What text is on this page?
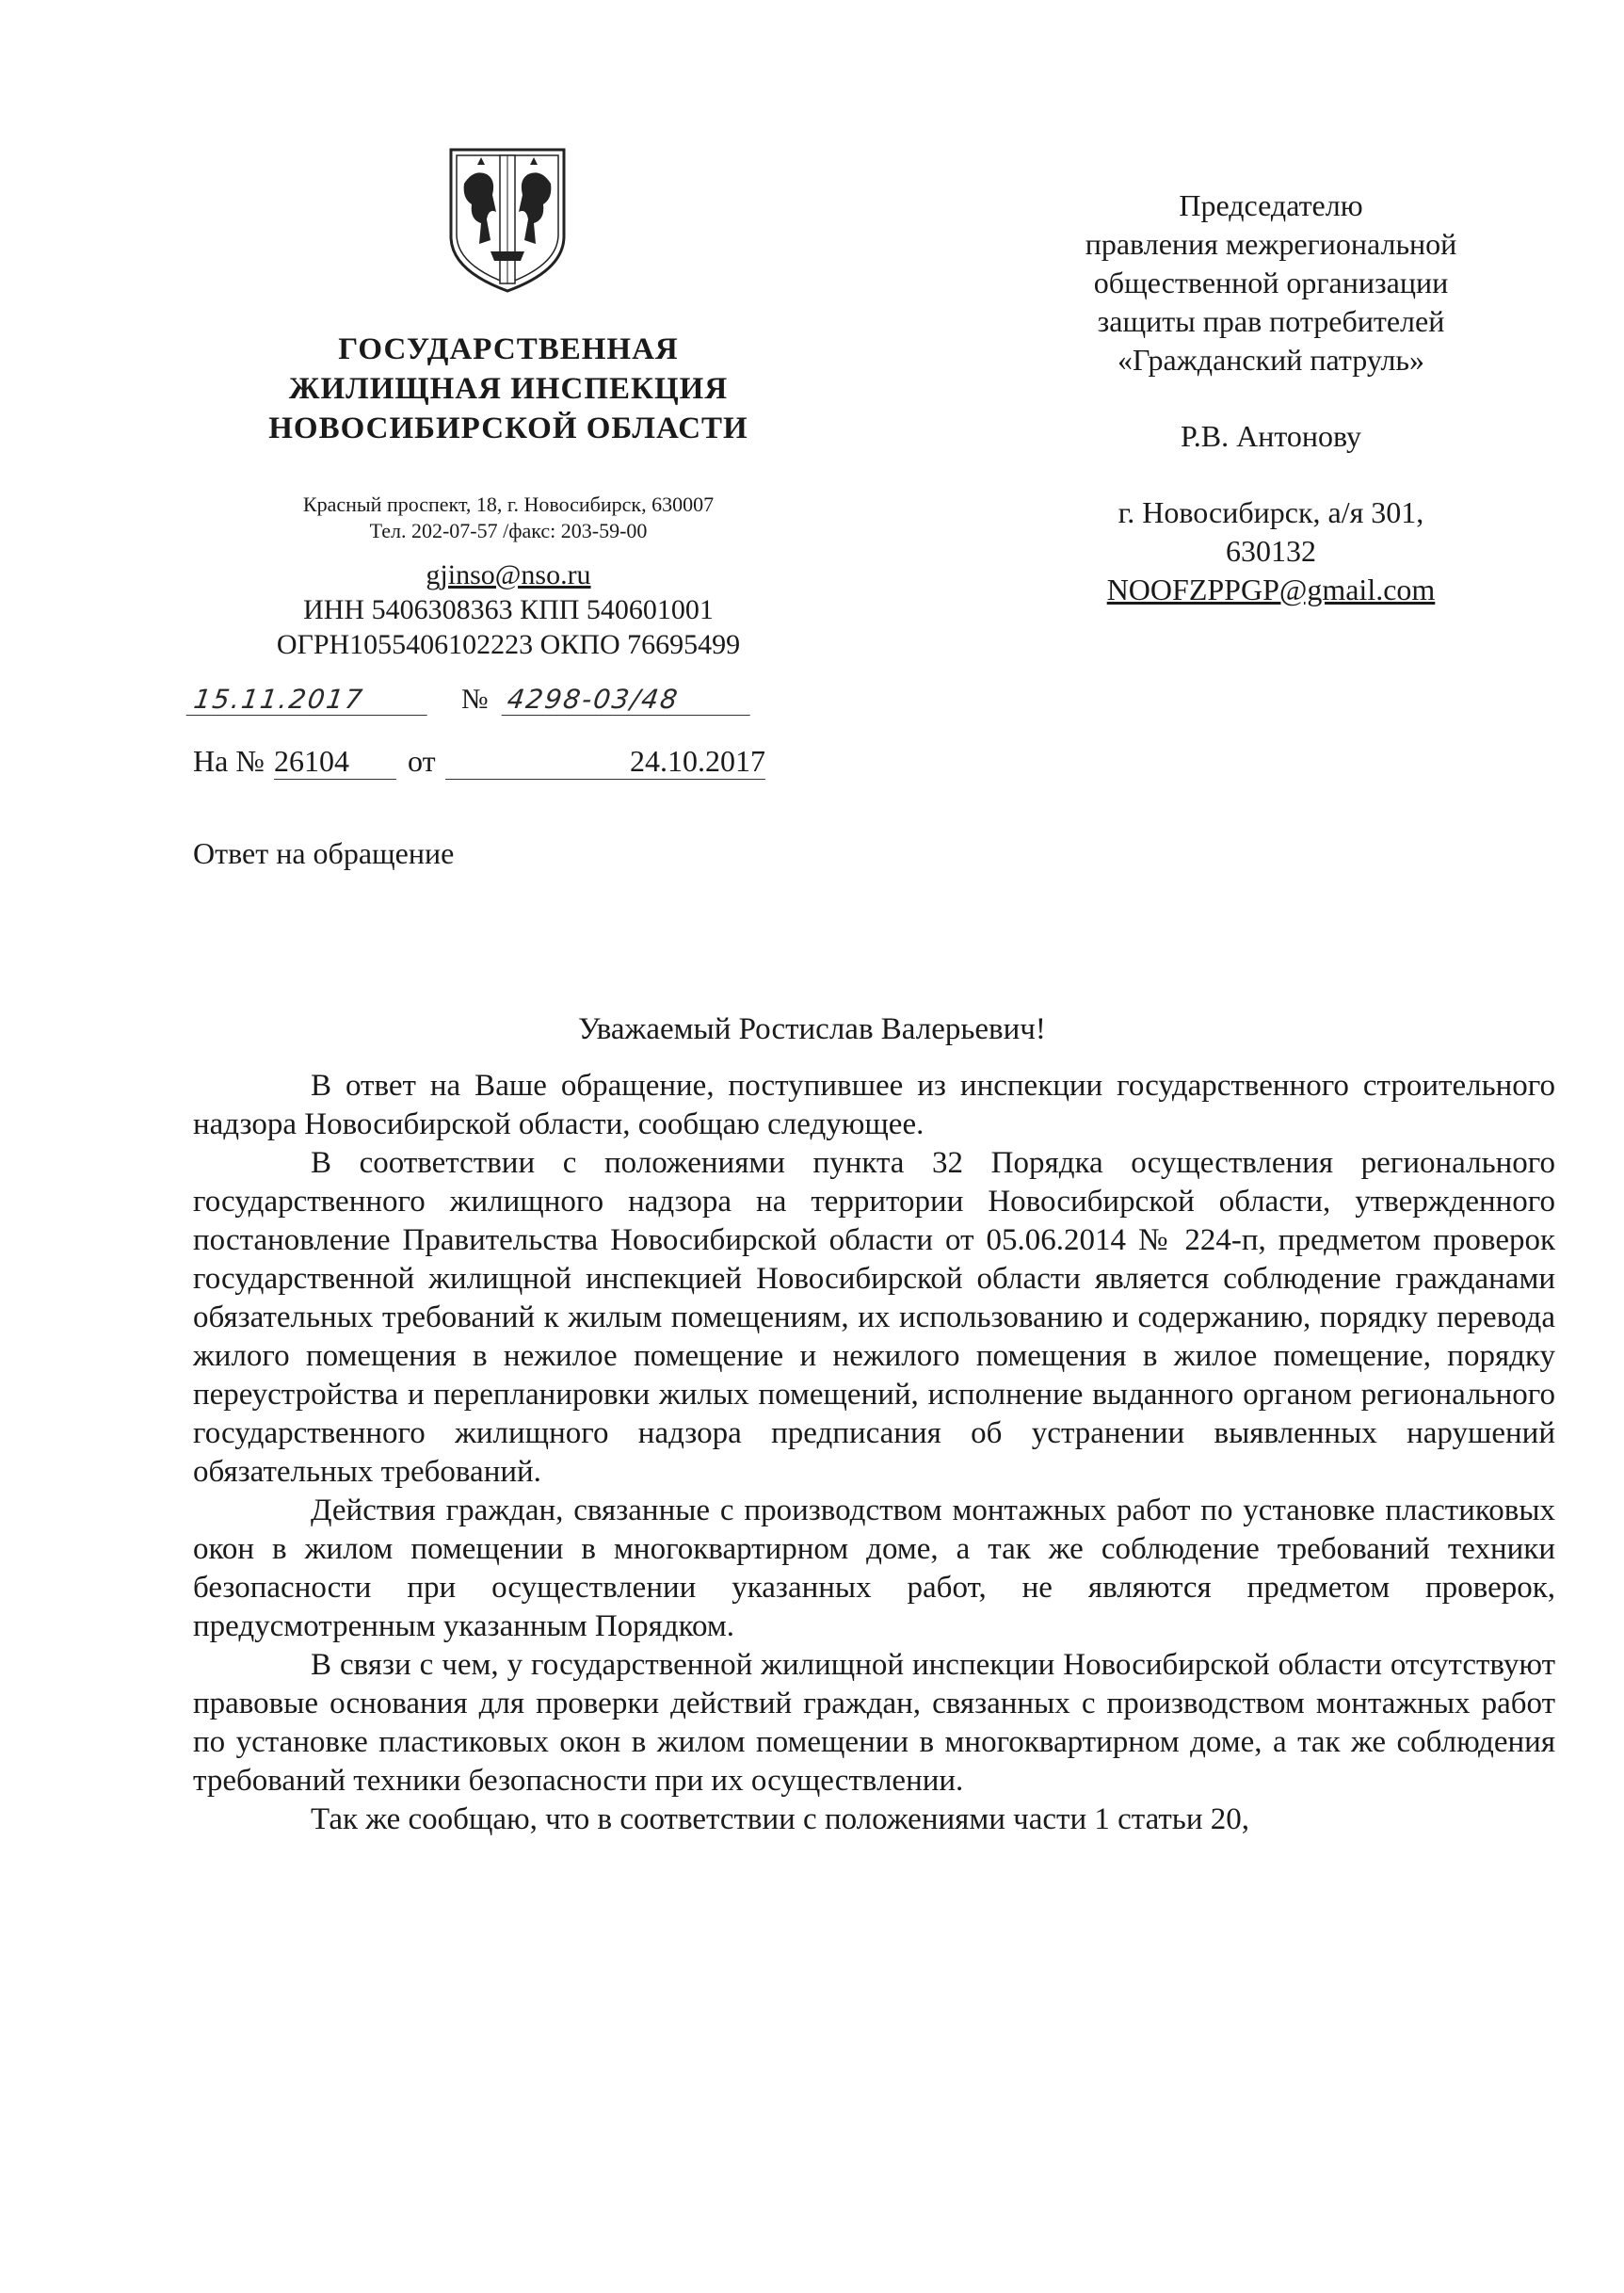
ГОСУДАРСТВЕННАЯ
ЖИЛИЩНАЯ ИНСПЕКЦИЯ
НОВОСИБИРСКОЙ ОБЛАСТИ
Красный проспект, 18, г. Новосибирск, 630007
Тел. 202-07-57 /факс: 203-59-00
gjinso@nso.ru
ИНН 5406308363 КПП 540601001
ОГРН1055406102223 ОКПО 76695499
15.11.2017	№ 4298-03/48
На № 26104	от	24.10.2017
Ответ на обращение
Председателю
правления межрегиональной
общественной организации
защиты прав потребителей
«Гражданский патруль»
Р.В. Антонову
г. Новосибирск, а/я 301,
630132
NOOFZPPGP@gmail.com
Уважаемый Ростислав Валерьевич!

В ответ на Ваше обращение, поступившее из инспекции государственного строительного надзора Новосибирской области, сообщаю следующее.

В соответствии с положениями пункта 32 Порядка осуществления регионального государственного жилищного надзора на территории Новосибирской области, утвержденного постановление Правительства Новосибирской области от 05.06.2014 № 224-п, предметом проверок государственной жилищной инспекцией Новосибирской области является соблюдение гражданами обязательных требований к жилым помещениям, их использованию и содержанию, порядку перевода жилого помещения в нежилое помещение и нежилого помещения в жилое помещение, порядку переустройства и перепланировки жилых помещений, исполнение выданного органом регионального государственного жилищного надзора предписания об устранении выявленных нарушений обязательных требований.

Действия граждан, связанные с производством монтажных работ по установке пластиковых окон в жилом помещении в многоквартирном доме, а так же соблюдение требований техники безопасности при осуществлении указанных работ, не являются предметом проверок, предусмотренным указанным Порядком.

В связи с чем, у государственной жилищной инспекции Новосибирской области отсутствуют правовые основания для проверки действий граждан, связанных с производством монтажных работ по установке пластиковых окон в жилом помещении в многоквартирном доме, а так же соблюдения требований техники безопасности при их осуществлении.

Так же сообщаю, что в соответствии с положениями части 1 статьи 20,
